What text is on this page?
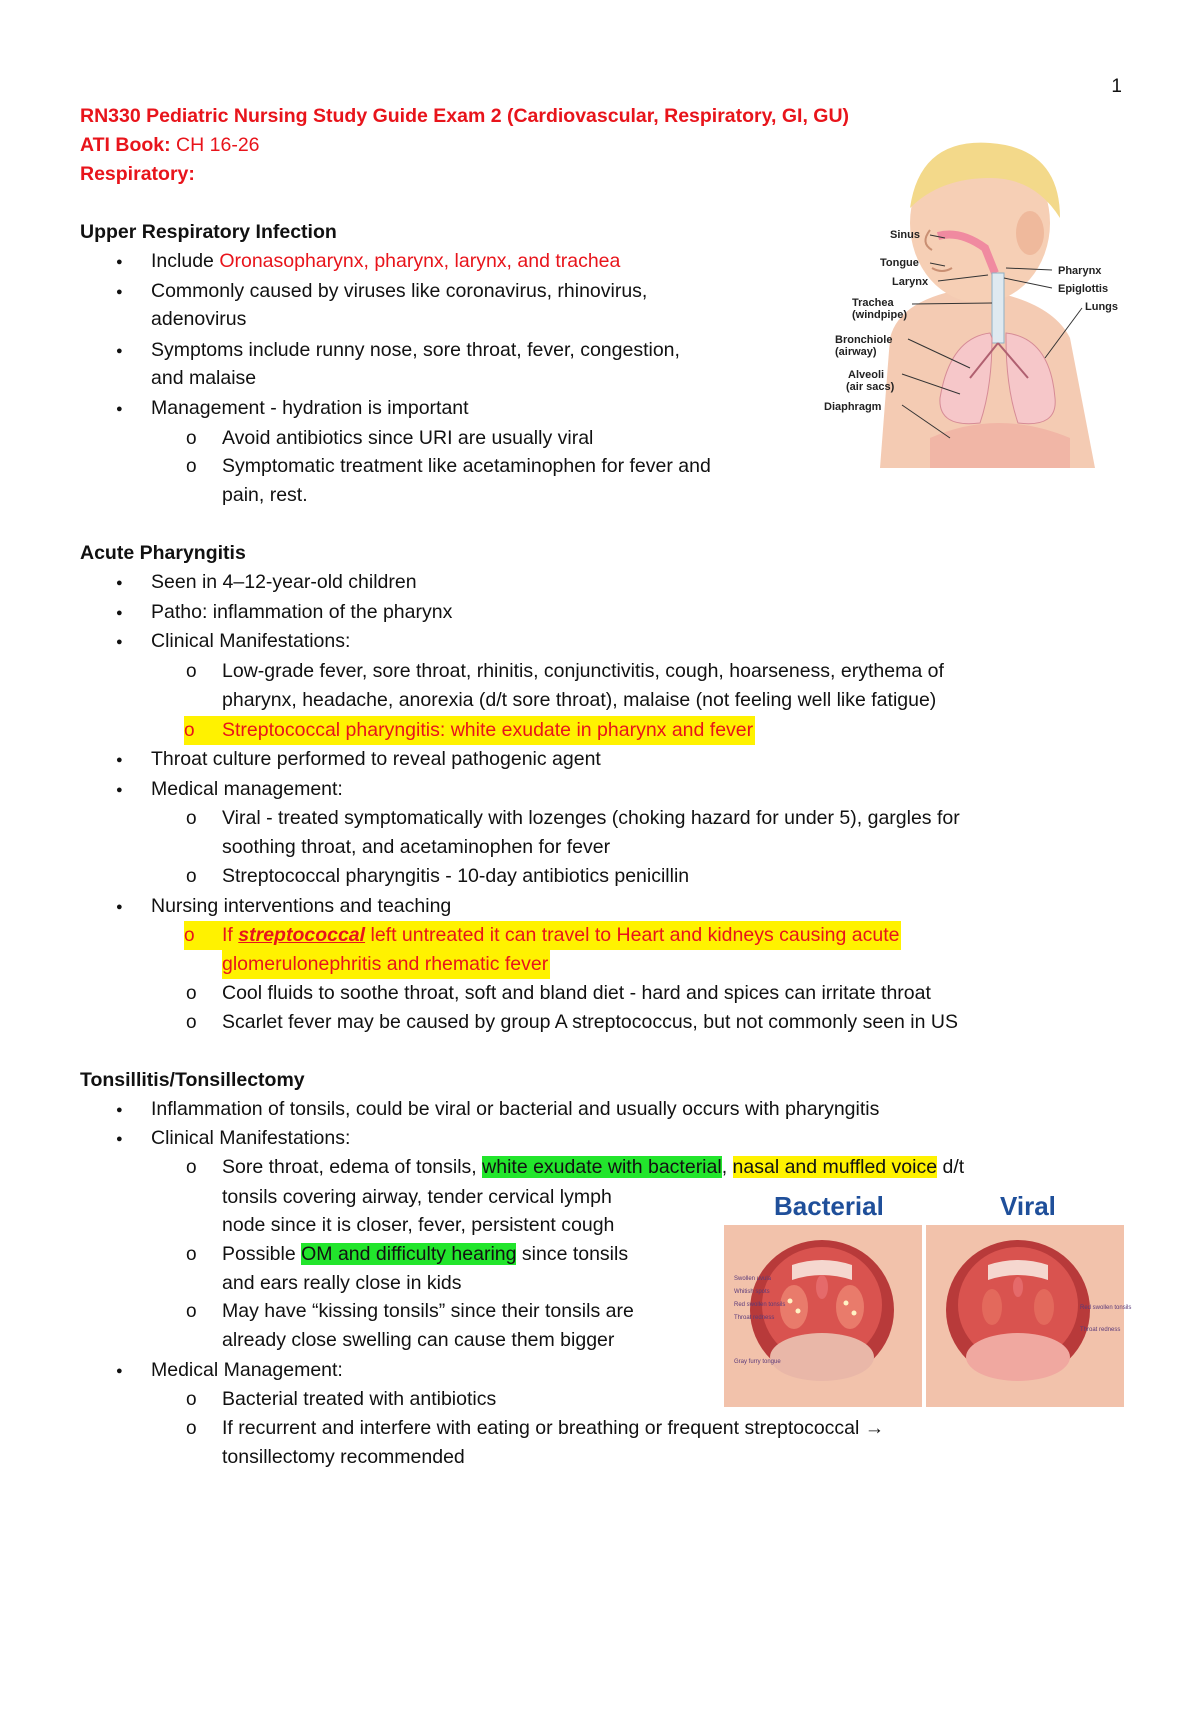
1
RN330 Pediatric Nursing Study Guide Exam 2 (Cardiovascular, Respiratory, GI, GU)
ATI Book: CH 16-26
Respiratory:
Upper Respiratory Infection
●
Include Oronasopharynx, pharynx, larynx, and trachea
●
Commonly caused by viruses like coronavirus, rhinovirus,
adenovirus
●
Symptoms include runny nose, sore throat, fever, congestion,
and malaise
●
Management - hydration is important
o
Avoid antibiotics since URI are usually viral
o
Symptomatic treatment like acetaminophen for fever and
pain, rest.
Sinus
Tongue
Larynx
Trachea
(windpipe)
Bronchiole
(airway)
Alveoli
(air sacs)
Diaphragm
Pharynx
Epiglottis
Lungs
Acute Pharyngitis
●
Seen in 4–12-year-old children
●
Patho: inflammation of the pharynx
●
Clinical Manifestations:
o
Low-grade fever, sore throat, rhinitis, conjunctivitis, cough, hoarseness, erythema of
pharynx, headache, anorexia (d/t sore throat), malaise (not feeling well like fatigue)
oStreptococcal pharyngitis: white exudate in pharynx and fever
●
Throat culture performed to reveal pathogenic agent
●
Medical management:
o
Viral - treated symptomatically with lozenges (choking hazard for under 5), gargles for
soothing throat, and acetaminophen for fever
o
Streptococcal pharyngitis - 10-day antibiotics penicillin
●
Nursing interventions and teaching
oIf streptococcal left untreated it can travel to Heart and kidneys causing acute
glomerulonephritis and rhematic fever
o
Cool fluids to soothe throat, soft and bland diet - hard and spices can irritate throat
o
Scarlet fever may be caused by group A streptococcus, but not commonly seen in US
Tonsillitis/Tonsillectomy
●
Inflammation of tonsils, could be viral or bacterial and usually occurs with pharyngitis
●
Clinical Manifestations:
o
Sore throat, edema of tonsils, white exudate with bacterial, nasal and muffled voice d/t
tonsils covering airway, tender cervical lymph
node since it is closer, fever, persistent cough
o
Possible OM and difficulty hearing since tonsils
and ears really close in kids
o
May have “kissing tonsils” since their tonsils are
already close swelling can cause them bigger
●
Medical Management:
o
Bacterial treated with antibiotics
o
If recurrent and interfere with eating or breathing or frequent streptococcal →
tonsillectomy recommended
Bacterial	Viral
Swollen uvula
Whitish spots
Red swollen tonsils
Throat redness
Gray furry tongue
Red swollen tonsils
Throat redness
